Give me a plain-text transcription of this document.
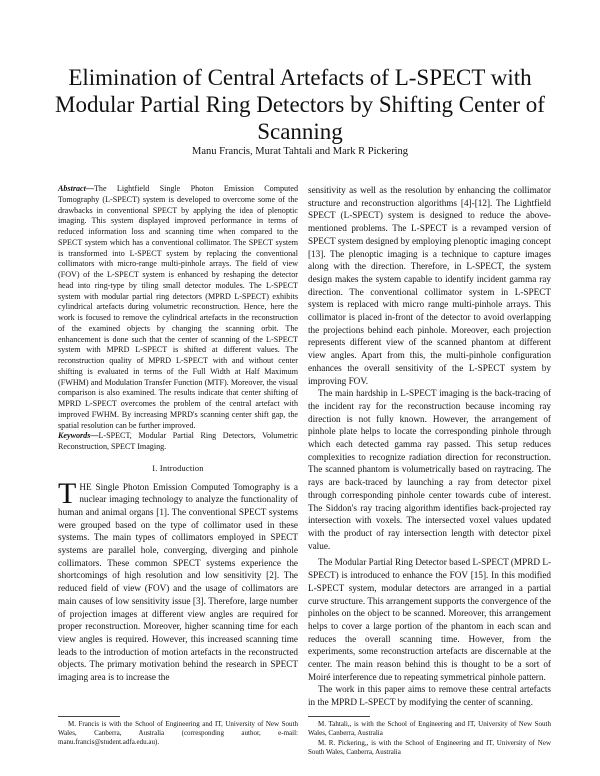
Elimination of Central Artefacts of L-SPECT with Modular Partial Ring Detectors by Shifting Center of Scanning
Manu Francis, Murat Tahtali and Mark R Pickering

Abstract—The Lightfield Single Photon Emission Computed Tomography (L-SPECT) system is developed to overcome some of the drawbacks in conventional SPECT by applying the idea of plenoptic imaging. This system displayed improved performance in terms of reduced information loss and scanning time when compared to the SPECT system which has a conventional collimator. The SPECT system is transformed into L-SPECT system by replacing the conventional collimators with micro-range multi-pinhole arrays. The field of view (FOV) of the L-SPECT system is enhanced by reshaping the detector head into ring-type by tiling small detector modules. The L-SPECT system with modular partial ring detectors (MPRD L-SPECT) exhibits cylindrical artefacts during volumetric reconstruction. Hence, here the work is focused to remove the cylindrical artefacts in the reconstruction of the examined objects by changing the scanning orbit. The enhancement is done such that the center of scanning of the L-SPECT system with MPRD L-SPECT is shifted at different values. The reconstruction quality of MPRD L-SPECT with and without center shifting is evaluated in terms of the Full Width at Half Maximum (FWHM) and Modulation Transfer Function (MTF). Moreover, the visual comparison is also examined. The results indicate that center shifting of MPRD L-SPECT overcomes the problem of the central artefact with improved FWHM. By increasing MPRD's scanning center shift gap, the spatial resolution can be further improved.

Keywords—L-SPECT, Modular Partial Ring Detectors, Volumetric Reconstruction, SPECT Imaging.

I. Introduction

THE Single Photon Emission Computed Tomography is a nuclear imaging technology to analyze the functionality of human and animal organs [1]. The conventional SPECT systems were grouped based on the type of collimator used in these systems. The main types of collimators employed in SPECT systems are parallel hole, converging, diverging and pinhole collimators. These common SPECT systems experience the shortcomings of high resolution and low sensitivity [2]. The reduced field of view (FOV) and the usage of collimators are main causes of low sensitivity issue [3]. Therefore, large number of projection images at different view angles are required for proper reconstruction. Moreover, higher scanning time for each view angles is required. However, this increased scanning time leads to the introduction of motion artefacts in the reconstructed objects. The primary motivation behind the research in SPECT imaging area is to increase the

sensitivity as well as the resolution by enhancing the collimator structure and reconstruction algorithms [4]-[12]. The Lightfield SPECT (L-SPECT) system is designed to reduce the above-mentioned problems. The L-SPECT is a revamped version of SPECT system designed by employing plenoptic imaging concept [13]. The plenoptic imaging is a technique to capture images along with the direction. Therefore, in L-SPECT, the system design makes the system capable to identify incident gamma ray direction. The conventional collimator system in L-SPECT system is replaced with micro range multi-pinhole arrays. This collimator is placed in-front of the detector to avoid overlapping the projections behind each pinhole. Moreover, each projection represents different view of the scanned phantom at different view angles. Apart from this, the multi-pinhole configuration enhances the overall sensitivity of the L-SPECT system by improving FOV.

The main hardship in L-SPECT imaging is the back-tracing of the incident ray for the reconstruction because incoming ray direction is not fully known. However, the arrangement of pinhole plate helps to locate the corresponding pinhole through which each detected gamma ray passed. This setup reduces complexities to recognize radiation direction for reconstruction. The scanned phantom is volumetrically based on raytracing. The rays are back-traced by launching a ray from detector pixel through corresponding pinhole center towards cube of interest. The Siddon's ray tracing algorithm identifies back-projected ray intersection with voxels. The intersected voxel values updated with the product of ray intersection length with detector pixel value.

The Modular Partial Ring Detector based L-SPECT (MPRD L-SPECT) is introduced to enhance the FOV [15]. In this modified L-SPECT system, modular detectors are arranged in a partial curve structure. This arrangement supports the convergence of the pinholes on the object to be scanned. Moreover, this arrangement helps to cover a large portion of the phantom in each scan and reduces the overall scanning time. However, from the experiments, some reconstruction artefacts are discernable at the center. The main reason behind this is thought to be a sort of Moiré interference due to repeating symmetrical pinhole pattern.

The work in this paper aims to remove these central artefacts in the MPRD L-SPECT by modifying the center of scanning.

M. Francis is with the School of Engineering and IT, University of New South Wales, Canberra, Australia (corresponding author, e-mail: manu.francis@student.adfa.edu.au).

M. Tahtali,, is with the School of Engineering and IT, University of New South Wales, Canberra, Australia

M. R. Pickering,, is with the School of Engineering and IT, University of New South Wales, Canberra, Australia
